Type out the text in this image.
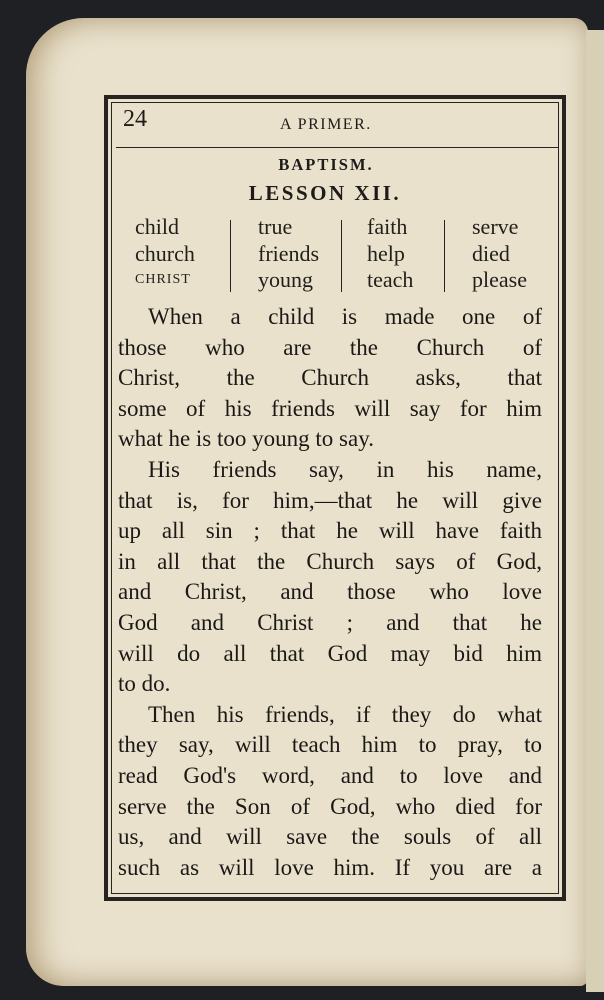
24	A PRIMER.
BAPTISM.
LESSON XII.
child
church
CHRIST
true
friends
young
faith
help
teach
serve
died
please
When a child is made one of
those who are the Church of
Christ, the Church asks, that
some of his friends will say for him
what he is too young to say.
His friends say, in his name,
that is, for him,—that he will give
up all sin ; that he will have faith
in all that the Church says of God,
and Christ, and those who love
God and Christ ; and that he
will do all that God may bid him
to do.
Then his friends, if they do what
they say, will teach him to pray, to
read God's word, and to love and
serve the Son of God, who died for
us, and will save the souls of all
such as will love him. If you are a
